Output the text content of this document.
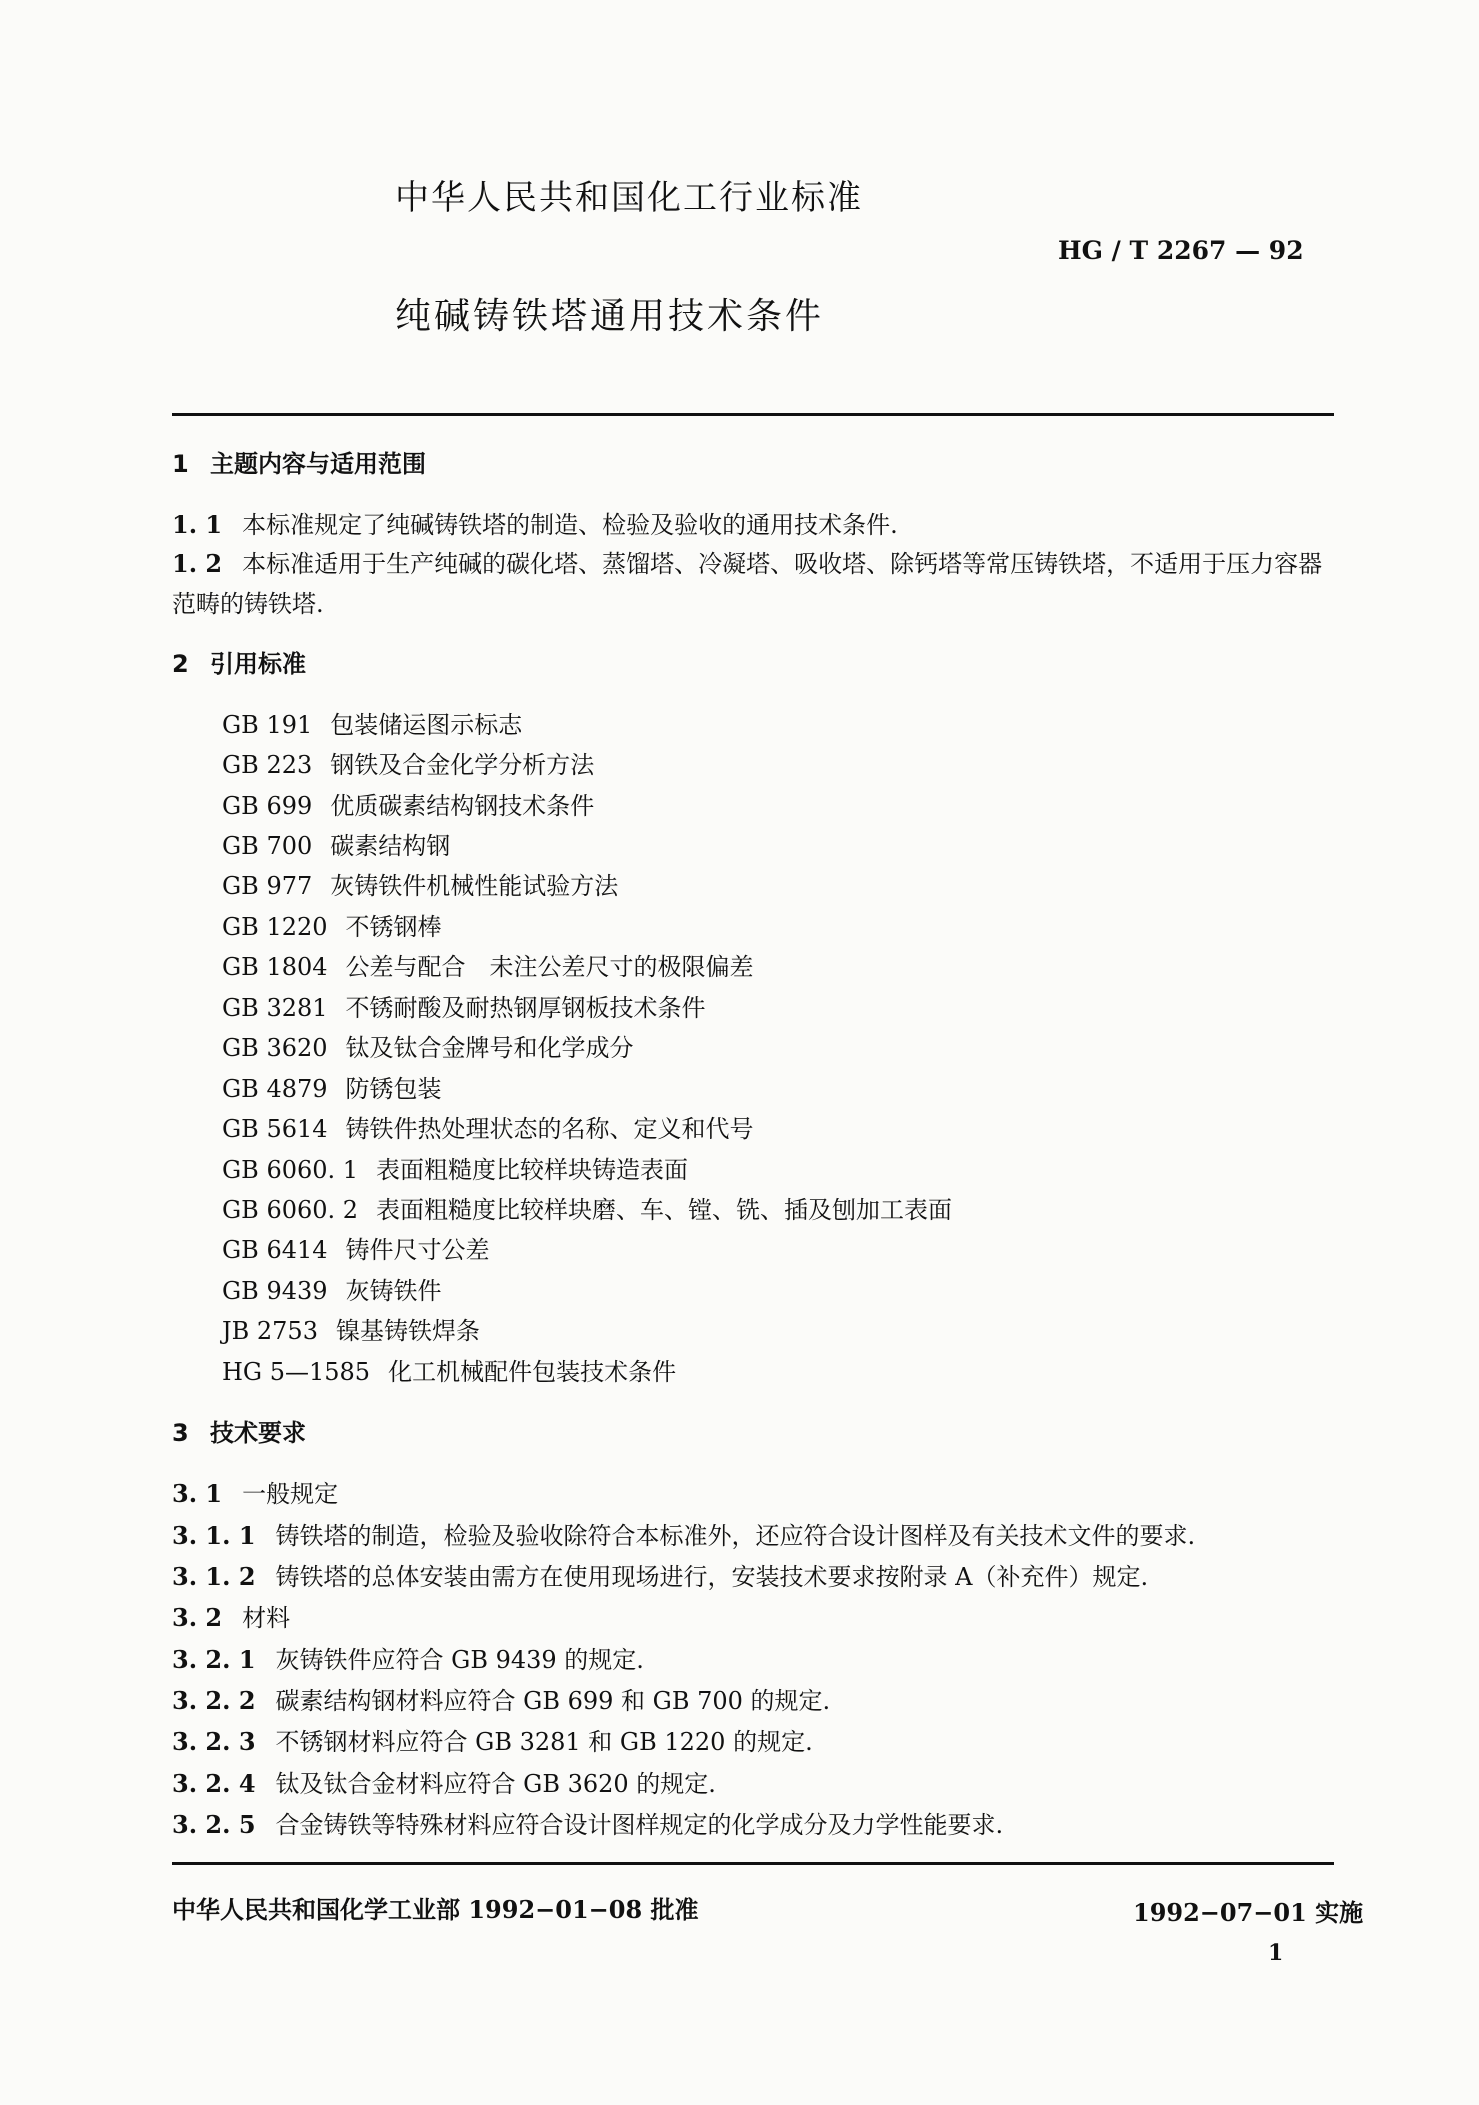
中华人民共和国化工行业标准
HG / T 2267 — 92
纯碱铸铁塔通用技术条件
1 主题内容与适用范围
1. 1 本标准规定了纯碱铸铁塔的制造、检验及验收的通用技术条件.
1. 2 本标准适用于生产纯碱的碳化塔、蒸馏塔、冷凝塔、吸收塔、除钙塔等常压铸铁塔，不适用于压力容器范畴的铸铁塔.
2 引用标准
GB 191 包装储运图示标志
GB 223 钢铁及合金化学分析方法
GB 699 优质碳素结构钢技术条件
GB 700 碳素结构钢
GB 977 灰铸铁件机械性能试验方法
GB 1220 不锈钢棒
GB 1804 公差与配合　未注公差尺寸的极限偏差
GB 3281 不锈耐酸及耐热钢厚钢板技术条件
GB 3620 钛及钛合金牌号和化学成分
GB 4879 防锈包装
GB 5614 铸铁件热处理状态的名称、定义和代号
GB 6060. 1 表面粗糙度比较样块铸造表面
GB 6060. 2 表面粗糙度比较样块磨、车、镗、铣、插及刨加工表面
GB 6414 铸件尺寸公差
GB 9439 灰铸铁件
JB 2753 镍基铸铁焊条
HG 5—1585 化工机械配件包装技术条件
3 技术要求
3. 1 一般规定
3. 1. 1 铸铁塔的制造，检验及验收除符合本标准外，还应符合设计图样及有关技术文件的要求.
3. 1. 2 铸铁塔的总体安装由需方在使用现场进行，安装技术要求按附录 A（补充件）规定.
3. 2 材料
3. 2. 1 灰铸铁件应符合 GB 9439 的规定.
3. 2. 2 碳素结构钢材料应符合 GB 699 和 GB 700 的规定.
3. 2. 3 不锈钢材料应符合 GB 3281 和 GB 1220 的规定.
3. 2. 4 钛及钛合金材料应符合 GB 3620 的规定.
3. 2. 5 合金铸铁等特殊材料应符合设计图样规定的化学成分及力学性能要求.
中华人民共和国化学工业部 1992−01−08 批准	1992−07−01 实施
1
